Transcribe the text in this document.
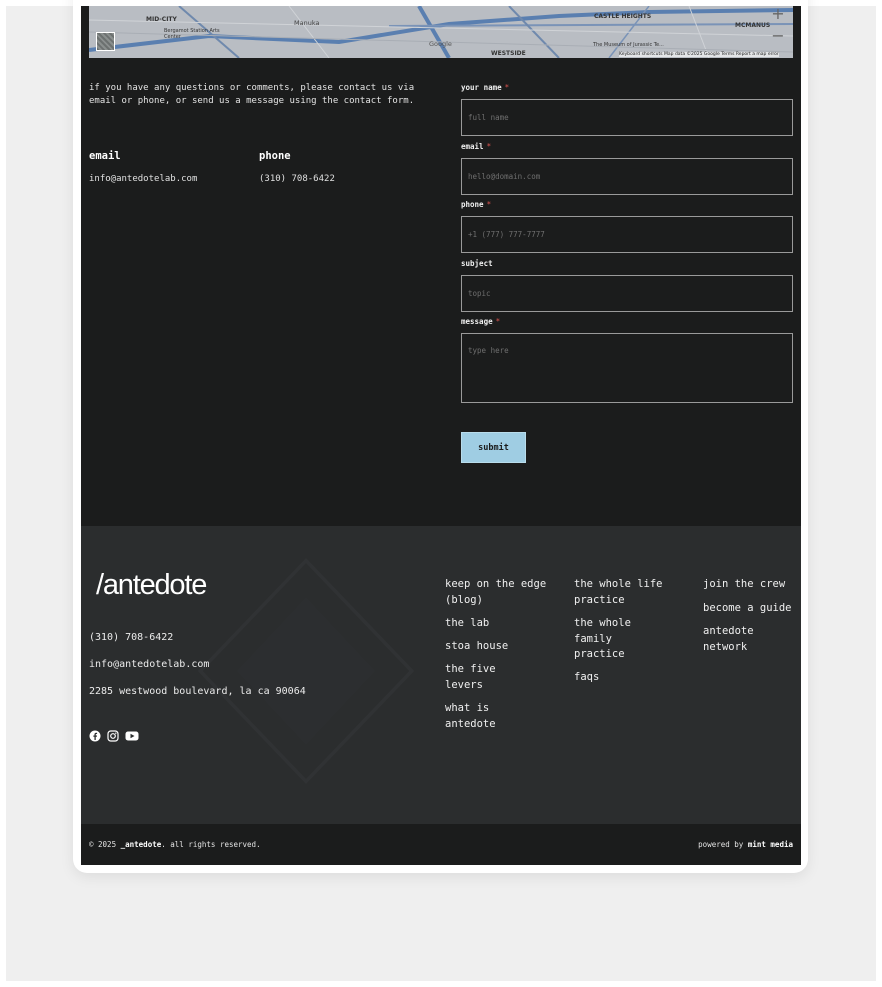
MID-CITY	Manuka
Bergamot Station Arts Center
CASTLE HEIGHTS
MCMANUS
WESTSIDE
The Museum of Jurassic Te...
Google
Keyboard shortcuts Map data ©2025 Google Terms Report a map error
+
−

if you have any questions or comments, please contact us via email or phone, or send us a message using the contact form.

email
info@antedotelab.com
phone
(310) 708-6422
your name *
full name
email *
hello@domain.com
phone *
+1 (777) 777-7777
subject
topic
message *
type here
submit
/antedote
(310) 708-6422
info@antedotelab.com
2285 westwood boulevard, la ca 90064
keep on the edge (blog)
the lab
stoa house
the five levers
what is antedote
the whole life practice
the whole family practice
faqs
join the crew
become a guide
antedote network
© 2025 _antedote. all rights reserved.	powered by mint media
